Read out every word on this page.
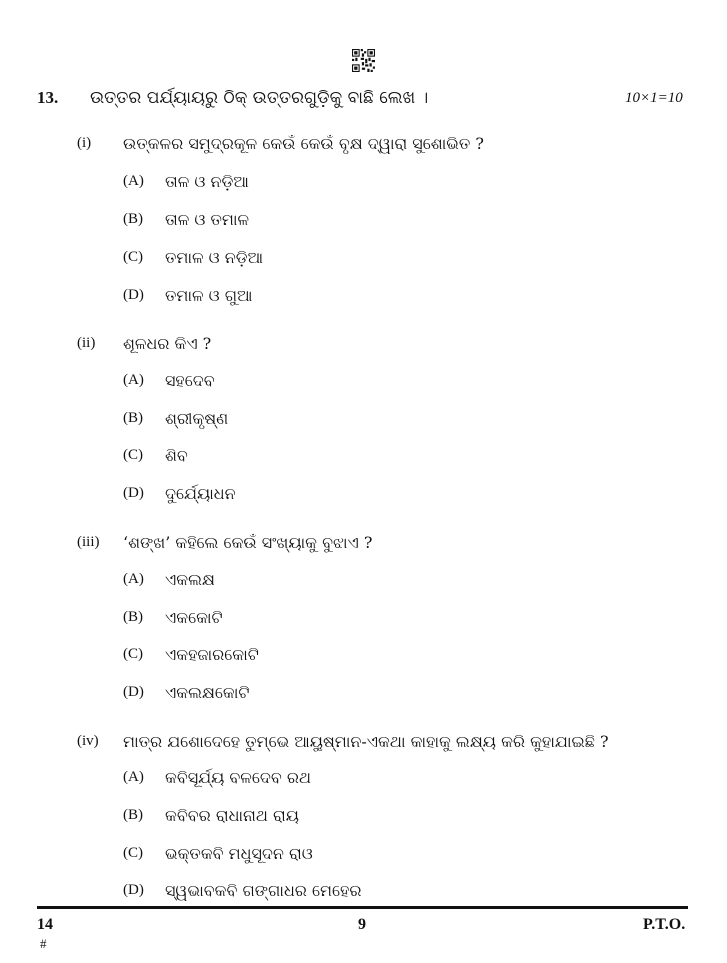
13. ଉତ୍ତର ପର୍ଯ୍ୟାୟରୁ ଠିକ୍ ଉତ୍ତରଗୁଡ଼ିକୁ ବାଛି ଲେଖ ।	10×1=10
(i) ଉତ୍କଳର ସମୁଦ୍ରକୂଳ କେଉଁ କେଉଁ ବୃକ୍ଷ ଦ୍ୱାରା ସୁଶୋଭିତ ?
(A) ତାଳ ଓ ନଡ଼ିଆ
(B) ତାଳ ଓ ତମାଳ
(C) ତମାଳ ଓ ନଡ଼ିଆ
(D) ତମାଳ ଓ ଗୁଆ
(ii) ଶୂଳଧର କିଏ ?
(A) ସହଦେବ
(B) ଶ୍ରୀକୃଷ୍ଣ
(C) ଶିବ
(D) ଦୁର୍ଯ୍ୟୋଧନ
(iii) ‘ଶଙ୍ଖ’ କହିଲେ କେଉଁ ସଂଖ୍ୟାକୁ ବୁଝାଏ ?
(A) ଏକଲକ୍ଷ
(B) ଏକକୋଟି
(C) ଏକହଜାରକୋଟି
(D) ଏକଲକ୍ଷକୋଟି
(iv) ମାତ୍ର ଯଶୋଦେହେ ତୁମ୍ଭେ ଆୟୁଷ୍ମାନ-ଏକଥା କାହାକୁ ଲକ୍ଷ୍ୟ କରି କୁହାଯାଇଛି ?
(A) କବିସୂର୍ଯ୍ୟ ବଳଦେବ ରଥ
(B) କବିବର ରାଧାନାଥ ରାୟ
(C) ଭକ୍ତକବି ମଧୁସୂଦନ ରାଓ
(D) ସ୍ୱଭାବକବି ଗଙ୍ଗାଧର ମେହେର
14
#
9	P.T.O.
